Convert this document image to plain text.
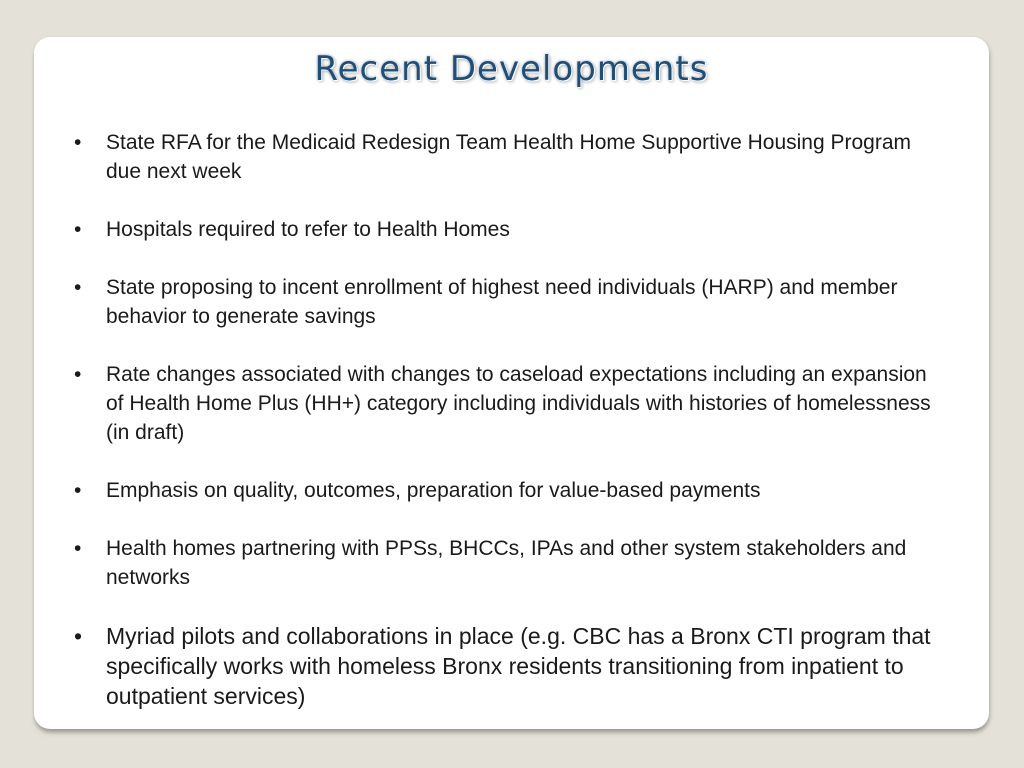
Recent Developments
• State RFA for the Medicaid Redesign Team Health Home Supportive Housing Program due next week
• Hospitals required to refer to Health Homes
• State proposing to incent enrollment of highest need individuals (HARP) and member behavior to generate savings
• Rate changes associated with changes to caseload expectations including an expansion of Health Home Plus (HH+) category including individuals with histories of homelessness (in draft)
• Emphasis on quality, outcomes, preparation for value-based payments
• Health homes partnering with PPSs, BHCCs, IPAs and other system stakeholders and networks
• Myriad pilots and collaborations in place (e.g. CBC has a Bronx CTI program that specifically works with homeless Bronx residents transitioning from inpatient to outpatient services)
